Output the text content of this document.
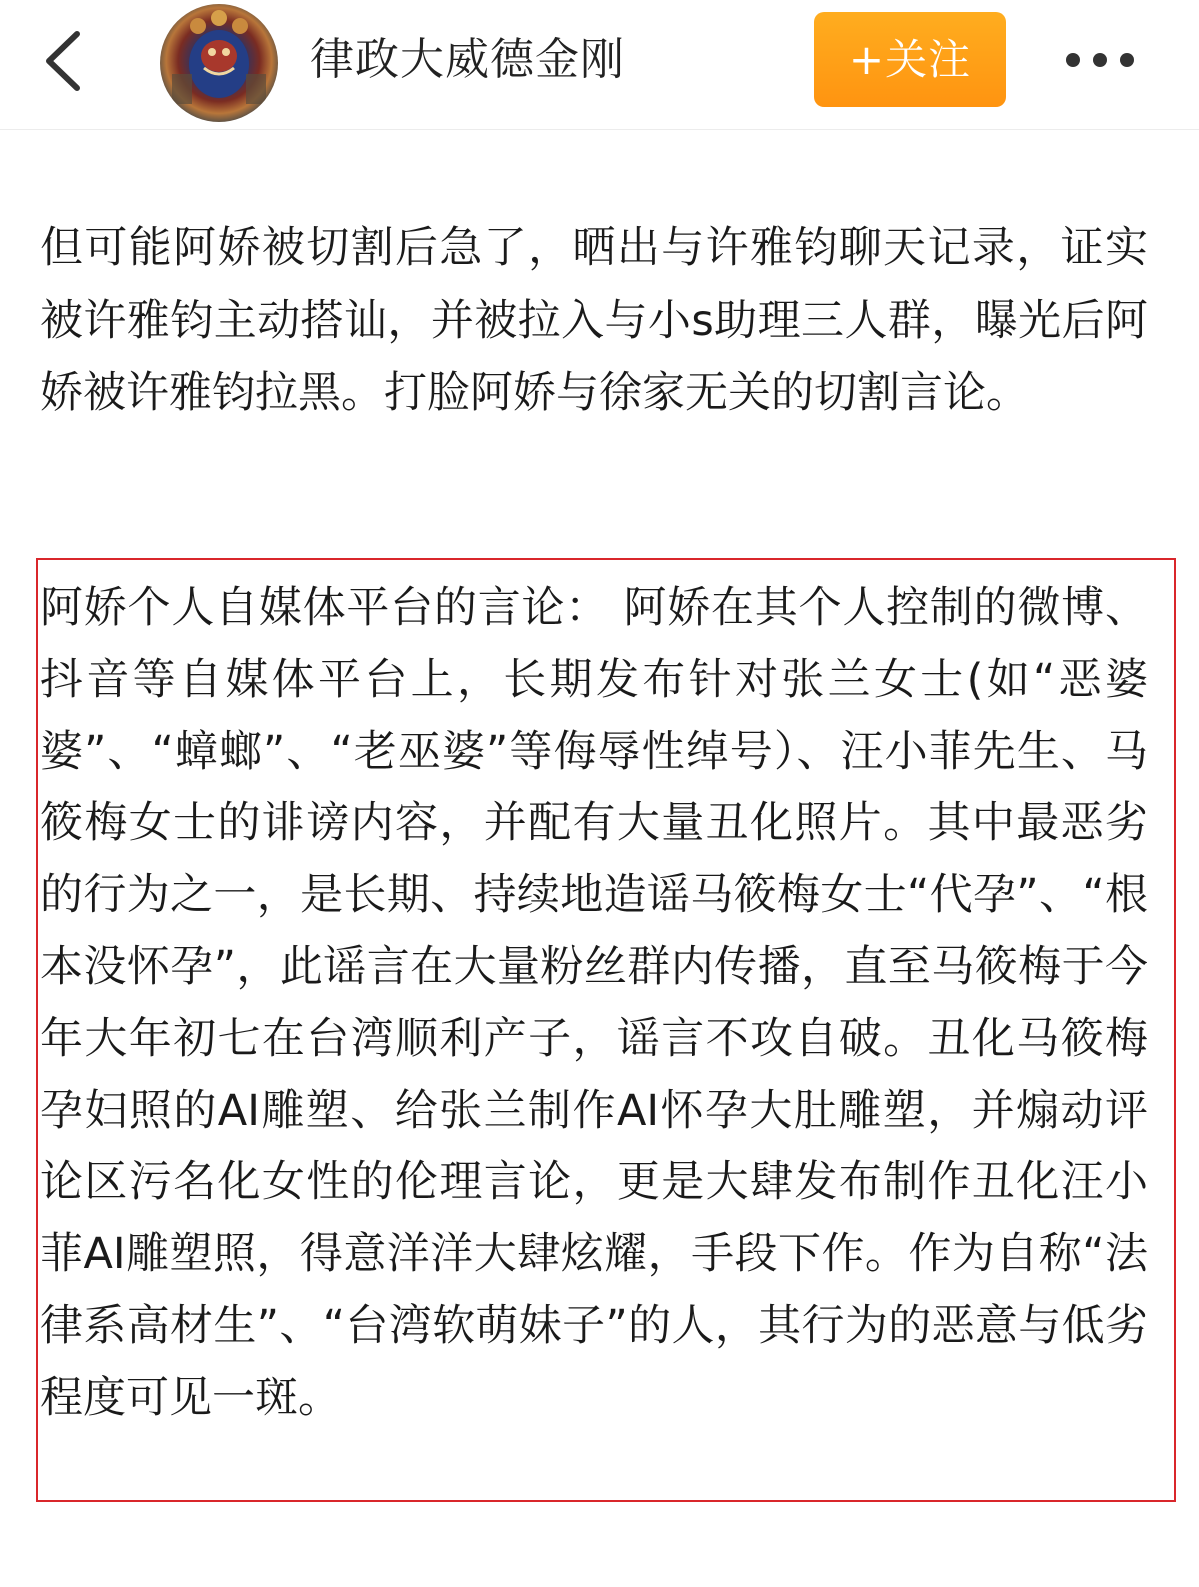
律政大威德金刚	+关注
但可能阿娇被切割后急了，晒出与许雅钧聊天记录，证实被许雅钧主动搭讪，并被拉入与小s助理三人群，曝光后阿娇被许雅钧拉黑。打脸阿娇与徐家无关的切割言论。
阿娇个人自媒体平台的言论： 阿娇在其个人控制的微博、抖音等自媒体平台上，长期发布针对张兰女士(如“恶婆婆”、“蟑螂”、“老巫婆”等侮辱性绰号）、汪小菲先生、马筱梅女士的诽谤内容，并配有大量丑化照片。其中最恶劣的行为之一，是长期、持续地造谣马筱梅女士“代孕”、“根本没怀孕”，此谣言在大量粉丝群内传播，直至马筱梅于今年大年初七在台湾顺利产子，谣言不攻自破。丑化马筱梅孕妇照的AI雕塑、给张兰制作AI怀孕大肚雕塑，并煽动评论区污名化女性的伦理言论，更是大肆发布制作丑化汪小菲AI雕塑照，得意洋洋大肆炫耀，手段下作。作为自称“法律系高材生”、“台湾软萌妹子”的人，其行为的恶意与低劣程度可见一斑。
